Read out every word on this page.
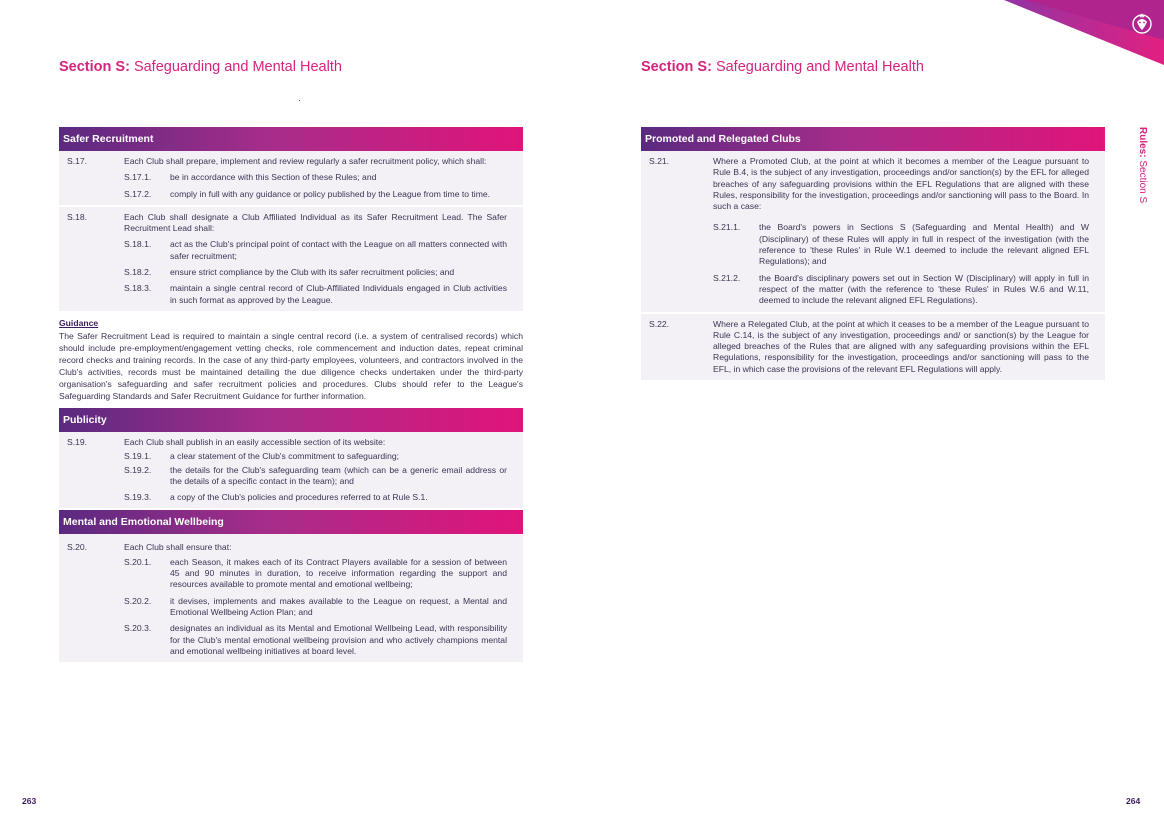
Section S: Safeguarding and Mental Health	Section S: Safeguarding and Mental Health
Rules: Section S
Safer Recruitment
S.17.	Each Club shall prepare, implement and review regularly a safer recruitment policy, which shall:
S.17.1.	be in accordance with this Section of these Rules; and
S.17.2.	comply in full with any guidance or policy published by the League from time to time.
S.18.	Each Club shall designate a Club Affiliated Individual as its Safer Recruitment Lead. The Safer Recruitment Lead shall:
S.18.1.	act as the Club's principal point of contact with the League on all matters connected with safer recruitment;
S.18.2.	ensure strict compliance by the Club with its safer recruitment policies; and
S.18.3.	maintain a single central record of Club-Affiliated Individuals engaged in Club activities in such format as approved by the League.
Guidance
The Safer Recruitment Lead is required to maintain a single central record (i.e. a system of centralised records) which should include pre-employment/engagement vetting checks, role commencement and induction dates, repeat criminal record checks and training records. In the case of any third-party employees, volunteers, and contractors involved in the Club's activities, records must be maintained detailing the due diligence checks undertaken under the third-party organisation's safeguarding and safer recruitment policies and procedures. Clubs should refer to the League's Safeguarding Standards and Safer Recruitment Guidance for further information.
Publicity
S.19.	Each Club shall publish in an easily accessible section of its website:
S.19.1.	a clear statement of the Club's commitment to safeguarding;
S.19.2.	the details for the Club's safeguarding team (which can be a generic email address or the details of a specific contact in the team); and
S.19.3.	a copy of the Club's policies and procedures referred to at Rule S.1.
Mental and Emotional Wellbeing
S.20.	Each Club shall ensure that:
S.20.1.	each Season, it makes each of its Contract Players available for a session of between 45 and 90 minutes in duration, to receive information regarding the support and resources available to promote mental and emotional wellbeing;
S.20.2.	it devises, implements and makes available to the League on request, a Mental and Emotional Wellbeing Action Plan; and
S.20.3.	designates an individual as its Mental and Emotional Wellbeing Lead, with responsibility for the Club's mental emotional wellbeing provision and who actively champions mental and emotional wellbeing initiatives at board level.
Promoted and Relegated Clubs
S.21.	Where a Promoted Club, at the point at which it becomes a member of the League pursuant to Rule B.4, is the subject of any investigation, proceedings and/or sanction(s) by the EFL for alleged breaches of any safeguarding provisions within the EFL Regulations that are aligned with these Rules, responsibility for the investigation, proceedings and/or sanctioning will pass to the Board. In such a case:
S.21.1.	the Board's powers in Sections S (Safeguarding and Mental Health) and W (Disciplinary) of these Rules will apply in full in respect of the investigation (with the reference to 'these Rules' in Rule W.1 deemed to include the relevant aligned EFL Regulations); and
S.21.2.	the Board's disciplinary powers set out in Section W (Disciplinary) will apply in full in respect of the matter (with the reference to 'these Rules' in Rules W.6 and W.11, deemed to include the relevant aligned EFL Regulations).
S.22.	Where a Relegated Club, at the point at which it ceases to be a member of the League pursuant to Rule C.14, is the subject of any investigation, proceedings and/ or sanction(s) by the League for alleged breaches of the Rules that are aligned with any safeguarding provisions within the EFL Regulations, responsibility for the investigation, proceedings and/or sanctioning will pass to the EFL, in which case the provisions of the relevant EFL Regulations will apply.
263	264
